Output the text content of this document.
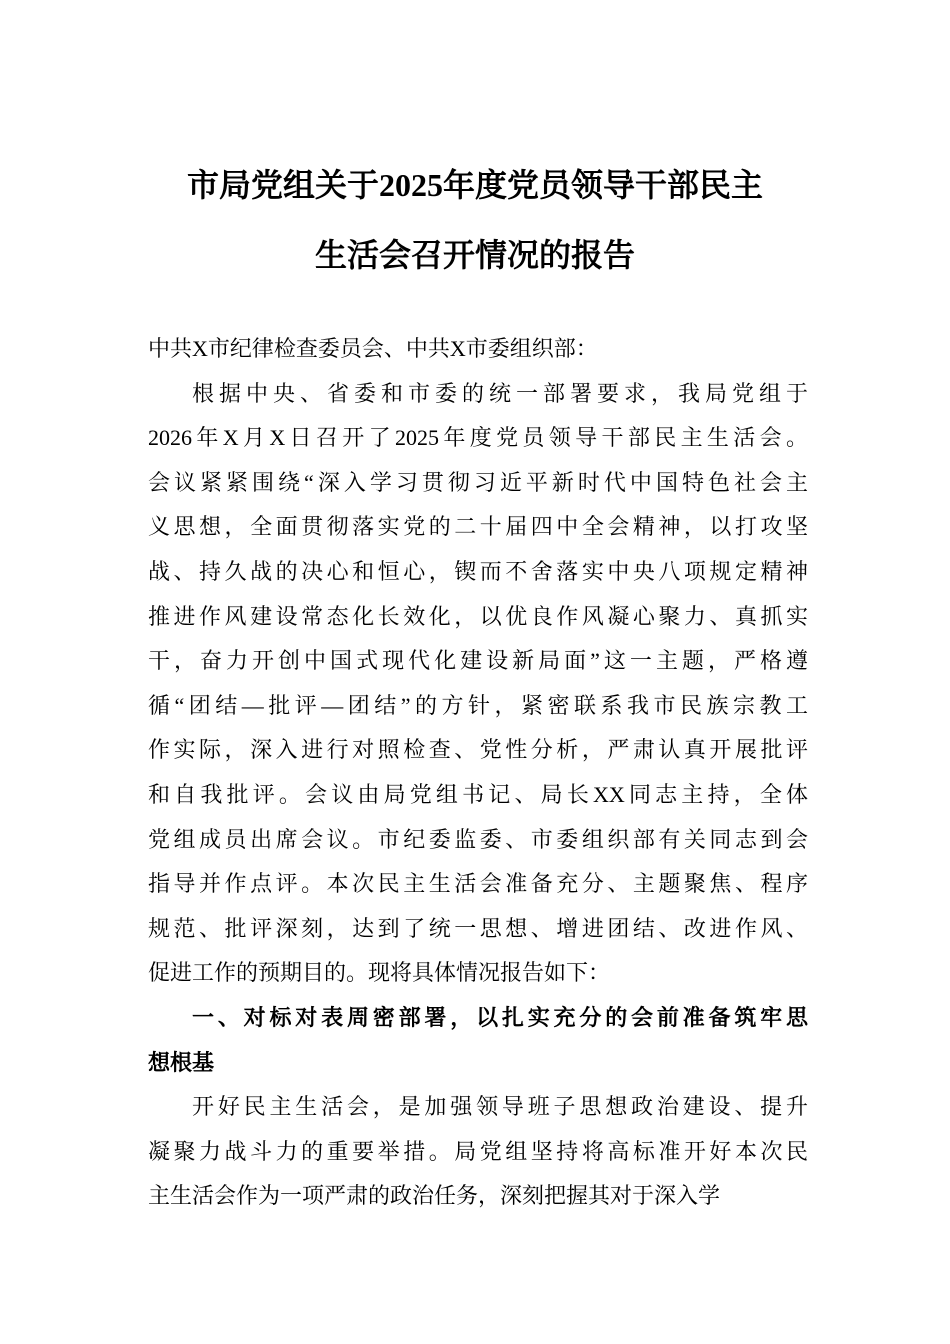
市局党组关于2025年度党员领导干部民主
生活会召开情况的报告
中共X市纪律检查委员会、中共X市委组织部：
根据中央、省委和市委的统一部署要求，我局党组于
2026年X月X日召开了2025年度党员领导干部民主生活会。
会议紧紧围绕“深入学习贯彻习近平新时代中国特色社会主
义思想，全面贯彻落实党的二十届四中全会精神，以打攻坚
战、持久战的决心和恒心，锲而不舍落实中央八项规定精神
推进作风建设常态化长效化，以优良作风凝心聚力、真抓实
干，奋力开创中国式现代化建设新局面”这一主题，严格遵
循“团结—批评—团结”的方针，紧密联系我市民族宗教工
作实际，深入进行对照检查、党性分析，严肃认真开展批评
和自我批评。会议由局党组书记、局长XX同志主持，全体
党组成员出席会议。市纪委监委、市委组织部有关同志到会
指导并作点评。本次民主生活会准备充分、主题聚焦、程序
规范、批评深刻，达到了统一思想、增进团结、改进作风、
促进工作的预期目的。现将具体情况报告如下：
一、对标对表周密部署，以扎实充分的会前准备筑牢思
想根基
开好民主生活会，是加强领导班子思想政治建设、提升
凝聚力战斗力的重要举措。局党组坚持将高标准开好本次民
主生活会作为一项严肃的政治任务，深刻把握其对于深入学
